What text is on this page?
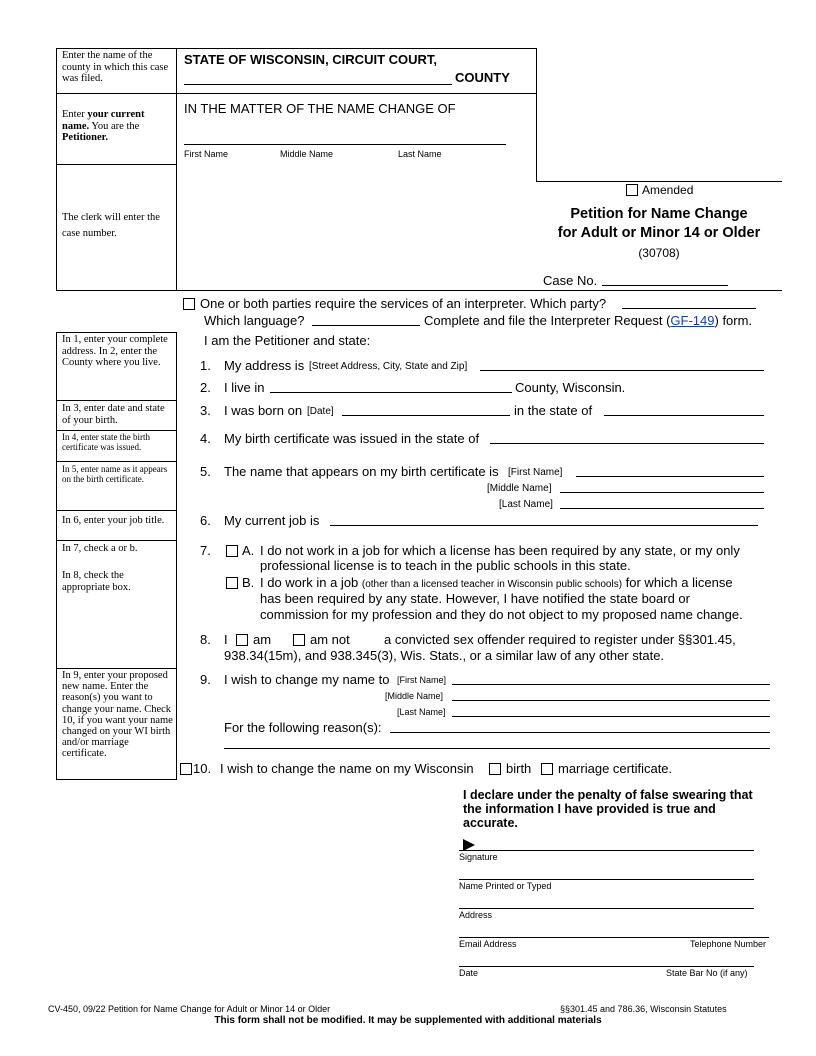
Enter the name of the county in which this case was filed.
Enter your current name. You are the Petitioner.
The clerk will enter the case number.
STATE OF WISCONSIN, CIRCUIT COURT,
COUNTY
IN THE MATTER OF THE NAME CHANGE OF
First Name	Middle Name	Last Name
Amended
Petition for Name Change
for Adult or Minor 14 or Older
(30708)
Case No.
One or both parties require the services of an interpreter. Which party?
Which language?	Complete and file the Interpreter Request (GF-149) form.
In 1, enter your complete address. In 2, enter the County where you live.
In 3, enter date and state of your birth.
In 4, enter state the birth certificate was issued.
In 5, enter name as it appears on the birth certificate.
In 6, enter your job title.
In 7, check a or b.
In 8, check the appropriate box.
In 9, enter your proposed new name. Enter the reason(s) you want to change your name. Check 10, if you want your name changed on your WI birth and/or marriage certificate.
I am the Petitioner and state:
1. My address is [Street Address, City, State and Zip]
2. I live in	County, Wisconsin.
3. I was born on [Date]	in the state of
4. My birth certificate was issued in the state of
5. The name that appears on my birth certificate is [First Name]
[Middle Name]
[Last Name]
6. My current job is
7. A. I do not work in a job for which a license has been required by any state, or my only
professional license is to teach in the public schools in this state.
B. I do work in a job (other than a licensed teacher in Wisconsin public schools) for which a license
has been required by any state. However, I have notified the state board or
commission for my profession and they do not object to my proposed name change.
8. I am	am not	a convicted sex offender required to register under §§301.45,
938.34(15m), and 938.345(3), Wis. Stats., or a similar law of any other state.
9. I wish to change my name to [First Name]
[Middle Name]
[Last Name]
For the following reason(s):
10. I wish to change the name on my Wisconsin birth marriage certificate.
I declare under the penalty of false swearing that
the information I have provided is true and
accurate.
Signature
Name Printed or Typed
Address
Email Address	Telephone Number
Date	State Bar No (if any)
CV-450, 09/22 Petition for Name Change for Adult or Minor 14 or Older	§§301.45 and 786.36, Wisconsin Statutes
This form shall not be modified. It may be supplemented with additional materials
